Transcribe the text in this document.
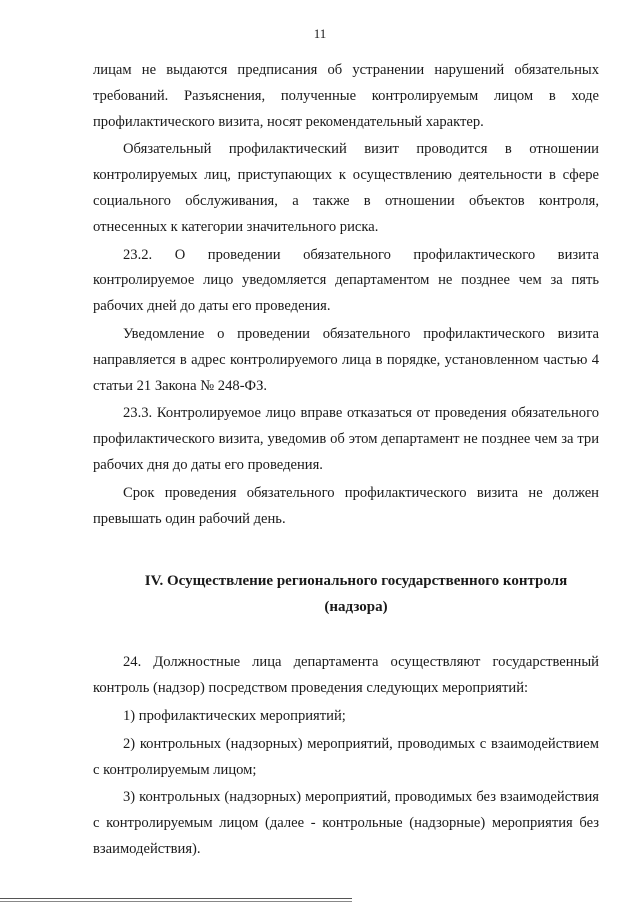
11

лицам не выдаются предписания об устранении нарушений обязательных требований. Разъяснения, полученные контролируемым лицом в ходе профилактического визита, носят рекомендательный характер.

Обязательный профилактический визит проводится в отношении контролируемых лиц, приступающих к осуществлению деятельности в сфере социального обслуживания, а также в отношении объектов контроля, отнесенных к категории значительного риска.

23.2. О проведении обязательного профилактического визита контролируемое лицо уведомляется департаментом не позднее чем за пять рабочих дней до даты его проведения.

Уведомление о проведении обязательного профилактического визита направляется в адрес контролируемого лица в порядке, установленном частью 4 статьи 21 Закона № 248-ФЗ.

23.3. Контролируемое лицо вправе отказаться от проведения обязательного профилактического визита, уведомив об этом департамент не позднее чем за три рабочих дня до даты его проведения.

Срок проведения обязательного профилактического визита не должен превышать один рабочий день.

IV. Осуществление регионального государственного контроля
(надзора)

24. Должностные лица департамента осуществляют государственный контроль (надзор) посредством проведения следующих мероприятий:

1) профилактических мероприятий;

2) контрольных (надзорных) мероприятий, проводимых с взаимодействием с контролируемым лицом;

3) контрольных (надзорных) мероприятий, проводимых без взаимодействия с контролируемым лицом (далее - контрольные (надзорные) мероприятия без взаимодействия).
